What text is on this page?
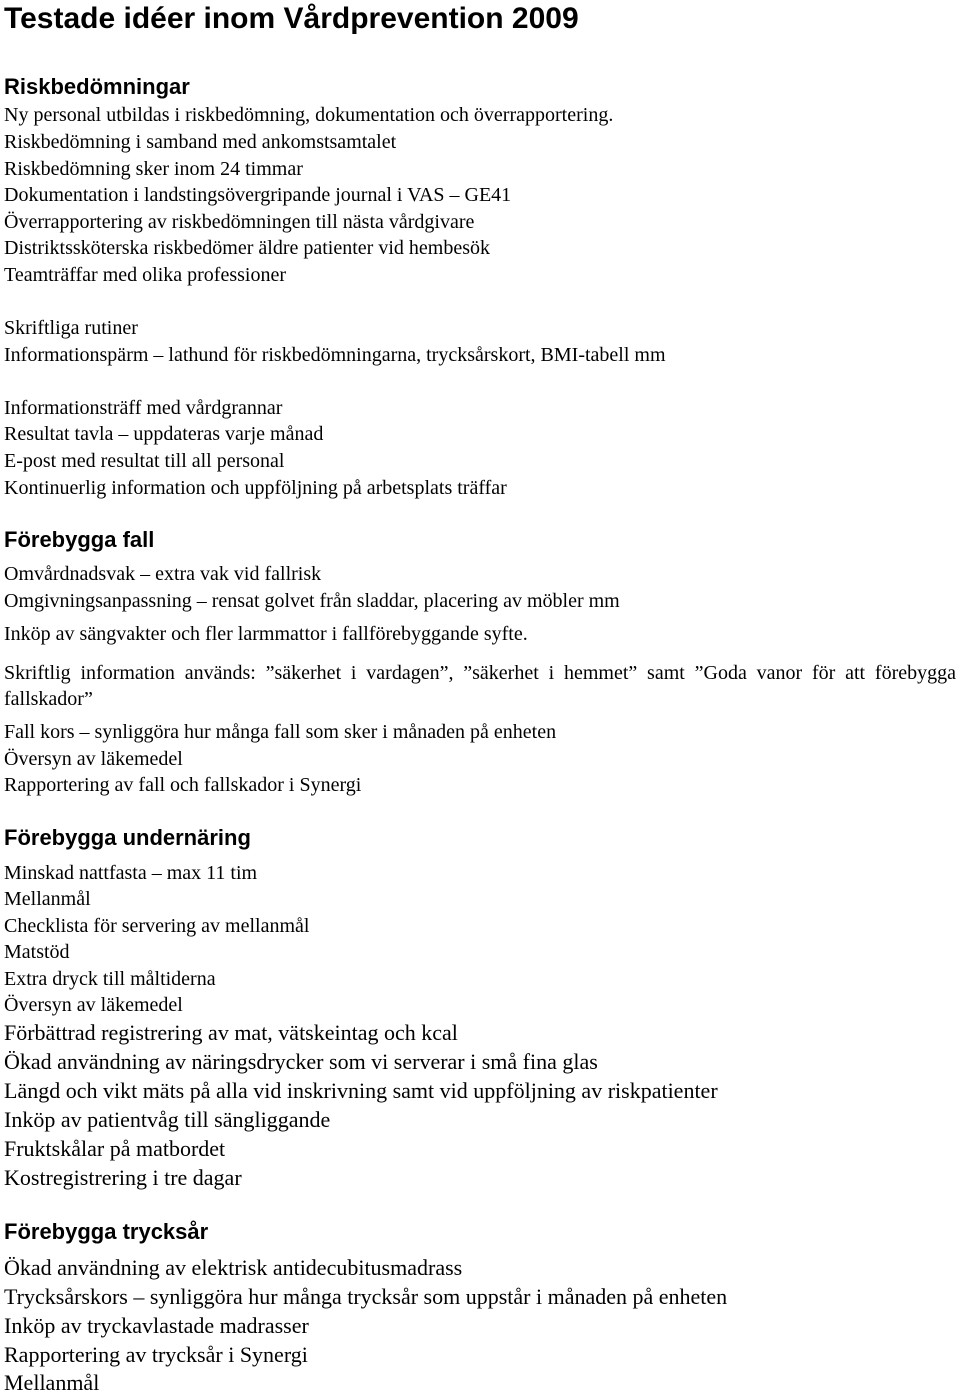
Testade idéer inom Vårdprevention 2009
Riskbedömningar

Ny personal utbildas i riskbedömning, dokumentation och överrapportering.

Riskbedömning i samband med ankomstsamtalet

Riskbedömning sker inom 24 timmar

Dokumentation i landstingsövergripande journal i VAS – GE41

Överrapportering av riskbedömningen till nästa vårdgivare

Distriktssköterska riskbedömer äldre patienter vid hembesök

Teamträffar med olika professioner

Skriftliga rutiner

Informationspärm – lathund för riskbedömningarna, trycksårskort, BMI-tabell mm

Informationsträff med vårdgrannar

Resultat tavla – uppdateras varje månad

E-post med resultat till all personal

Kontinuerlig information och uppföljning på arbetsplats träffar

Förebygga fall

Omvårdnadsvak – extra vak vid fallrisk

Omgivningsanpassning – rensat golvet från sladdar, placering av möbler mm

Inköp av sängvakter och fler larmmattor i fallförebyggande syfte.

Skriftlig information används: ”säkerhet i vardagen”, ”säkerhet i hemmet” samt ”Goda vanor för att förebygga fallskador”

Fall kors – synliggöra hur många fall som sker i månaden på enheten

Översyn av läkemedel

Rapportering av fall och fallskador i Synergi

Förebygga undernäring

Minskad nattfasta – max 11 tim

Mellanmål

Checklista för servering av mellanmål

Matstöd

Extra dryck till måltiderna

Översyn av läkemedel

Förbättrad registrering av mat, vätskeintag och kcal

Ökad användning av näringsdrycker som vi serverar i små fina glas

Längd och vikt mäts på alla vid inskrivning samt vid uppföljning av riskpatienter

Inköp av patientvåg till sängliggande

Fruktskålar på matbordet

Kostregistrering i tre dagar

Förebygga trycksår

Ökad användning av elektrisk antidecubitusmadrass

Trycksårskors – synliggöra hur många trycksår som uppstår i månaden på enheten

Inköp av tryckavlastade madrasser

Rapportering av trycksår i Synergi

Mellanmål
